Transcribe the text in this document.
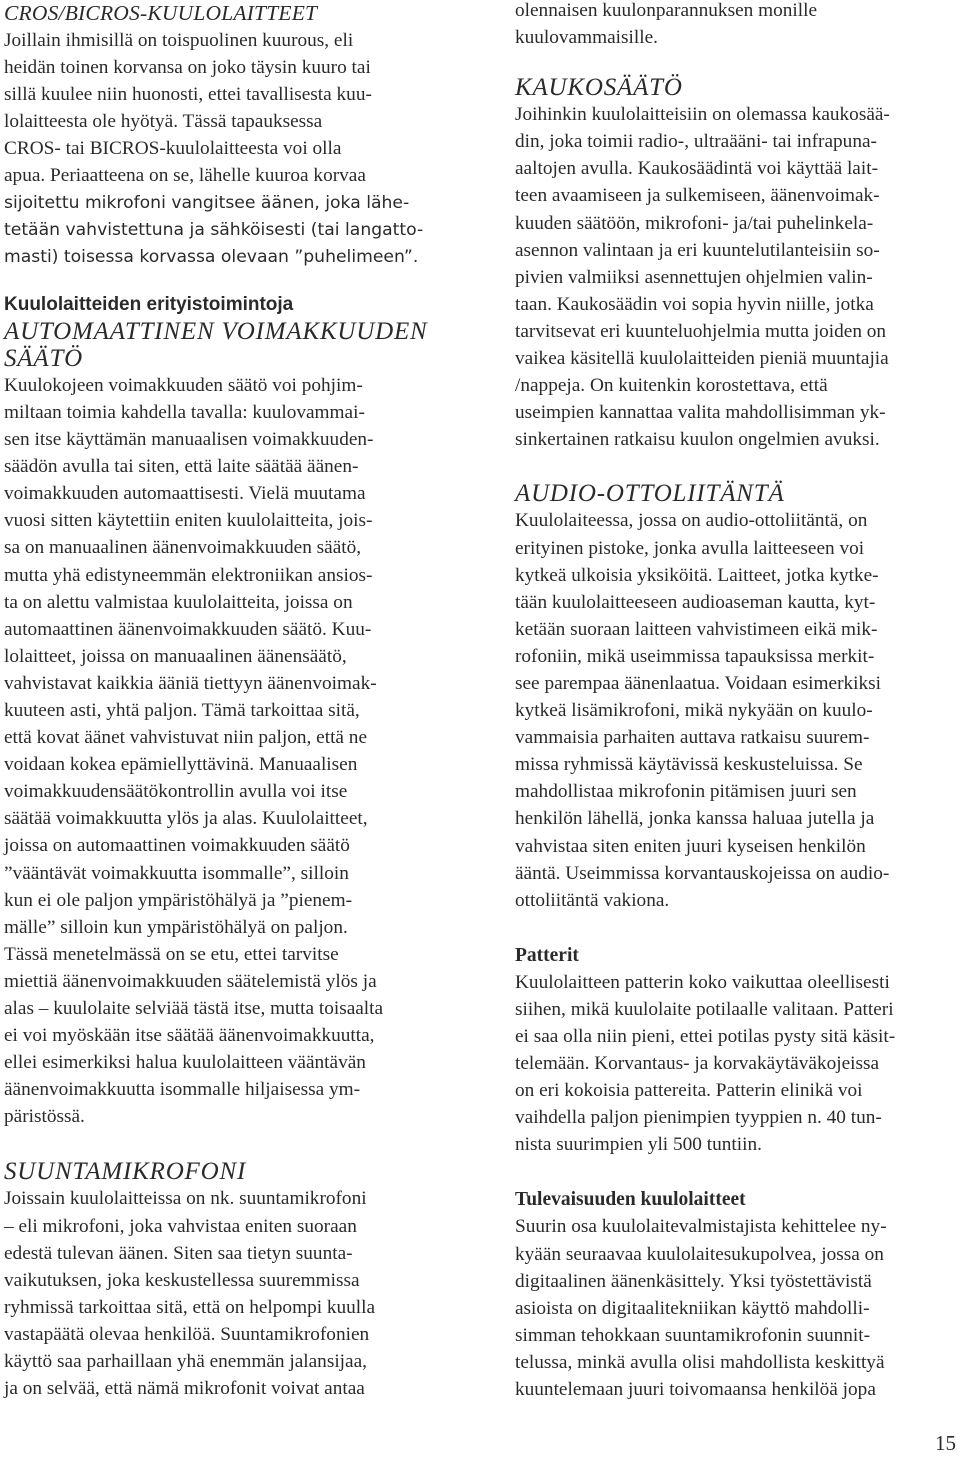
CROS/BICROS-KUULOLAITTEET
Joillain ihmisillä on toispuolinen kuurous, eli
heidän toinen korvansa on joko täysin kuuro tai
sillä kuulee niin huonosti, ettei tavallisesta kuu-
lolaitteesta ole hyötyä. Tässä tapauksessa
CROS- tai BICROS-kuulolaitteesta voi olla
apua. Periaatteena on se, lähelle kuuroa korvaa
sijoitettu mikrofoni vangitsee äänen, joka lähe-
tetään vahvistettuna ja sähköisesti (tai langatto-
masti) toisessa korvassa olevaan ”puhelimeen”.
Kuulolaitteiden erityistoimintoja
AUTOMAATTINEN VOIMAKKUUDEN
SÄÄTÖ
Kuulokojeen voimakkuuden säätö voi pohjim-
miltaan toimia kahdella tavalla: kuulovammai-
sen itse käyttämän manuaalisen voimakkuuden-
säädön avulla tai siten, että laite säätää äänen-
voimakkuuden automaattisesti. Vielä muutama
vuosi sitten käytettiin eniten kuulolaitteita, jois-
sa on manuaalinen äänenvoimakkuuden säätö,
mutta yhä edistyneemmän elektroniikan ansios-
ta on alettu valmistaa kuulolaitteita, joissa on
automaattinen äänenvoimakkuuden säätö. Kuu-
lolaitteet, joissa on manuaalinen äänensäätö,
vahvistavat kaikkia ääniä tiettyyn äänenvoimak-
kuuteen asti, yhtä paljon. Tämä tarkoittaa sitä,
että kovat äänet vahvistuvat niin paljon, että ne
voidaan kokea epämiellyttävinä. Manuaalisen
voimakkuudensäätökontrollin avulla voi itse
säätää voimakkuutta ylös ja alas. Kuulolaitteet,
joissa on automaattinen voimakkuuden säätö
”vääntävät voimakkuutta isommalle”, silloin
kun ei ole paljon ympäristöhälyä ja ”pienem-
mälle” silloin kun ympäristöhälyä on paljon.
Tässä menetelmässä on se etu, ettei tarvitse
miettiä äänenvoimakkuuden säätelemistä ylös ja
alas – kuulolaite selviää tästä itse, mutta toisaalta
ei voi myöskään itse säätää äänenvoimakkuutta,
ellei esimerkiksi halua kuulolaitteen vääntävän
äänenvoimakkuutta isommalle hiljaisessa ym-
päristössä.
SUUNTAMIKROFONI
Joissain kuulolaitteissa on nk. suuntamikrofoni
– eli mikrofoni, joka vahvistaa eniten suoraan
edestä tulevan äänen. Siten saa tietyn suunta-
vaikutuksen, joka keskustellessa suuremmissa
ryhmissä tarkoittaa sitä, että on helpompi kuulla
vastapäätä olevaa henkilöä. Suuntamikrofonien
käyttö saa parhaillaan yhä enemmän jalansijaa,
ja on selvää, että nämä mikrofonit voivat antaa
olennaisen kuulonparannuksen monille
kuulovammaisille.
KAUKOSÄÄTÖ
Joihinkin kuulolaitteisiin on olemassa kaukosää-
din, joka toimii radio-, ultraääni- tai infrapuna-
aaltojen avulla. Kaukosäädintä voi käyttää lait-
teen avaamiseen ja sulkemiseen, äänenvoimak-
kuuden säätöön, mikrofoni- ja/tai puhelinkela-
asennon valintaan ja eri kuuntelutilanteisiin so-
pivien valmiiksi asennettujen ohjelmien valin-
taan. Kaukosäädin voi sopia hyvin niille, jotka
tarvitsevat eri kuunteluohjelmia mutta joiden on
vaikea käsitellä kuulolaitteiden pieniä muuntajia
/nappeja. On kuitenkin korostettava, että
useimpien kannattaa valita mahdollisimman yk-
sinkertainen ratkaisu kuulon ongelmien avuksi.
AUDIO-OTTOLIITÄNTÄ
Kuulolaiteessa, jossa on audio-ottoliitäntä, on
erityinen pistoke, jonka avulla laitteeseen voi
kytkeä ulkoisia yksiköitä. Laitteet, jotka kytke-
tään kuulolaitteeseen audioaseman kautta, kyt-
ketään suoraan laitteen vahvistimeen eikä mik-
rofoniin, mikä useimmissa tapauksissa merkit-
see parempaa äänenlaatua. Voidaan esimerkiksi
kytkeä lisämikrofoni, mikä nykyään on kuulo-
vammaisia parhaiten auttava ratkaisu suurem-
missa ryhmissä käytävissä keskusteluissa. Se
mahdollistaa mikrofonin pitämisen juuri sen
henkilön lähellä, jonka kanssa haluaa jutella ja
vahvistaa siten eniten juuri kyseisen henkilön
ääntä. Useimmissa korvantauskojeissa on audio-
ottoliitäntä vakiona.
Patterit
Kuulolaitteen patterin koko vaikuttaa oleellisesti
siihen, mikä kuulolaite potilaalle valitaan. Patteri
ei saa olla niin pieni, ettei potilas pysty sitä käsit-
telemään. Korvantaus- ja korvakäytäväkojeissa
on eri kokoisia pattereita. Patterin elinikä voi
vaihdella paljon pienimpien tyyppien n. 40 tun-
nista suurimpien yli 500 tuntiin.
Tulevaisuuden kuulolaitteet
Suurin osa kuulolaitevalmistajista kehittelee ny-
kyään seuraavaa kuulolaitesukupolvea, jossa on
digitaalinen äänenkäsittely. Yksi työstettävistä
asioista on digitaalitekniikan käyttö mahdolli-
simman tehokkaan suuntamikrofonin suunnit-
telussa, minkä avulla olisi mahdollista keskittyä
kuuntelemaan juuri toivomaansa henkilöä jopa
15
